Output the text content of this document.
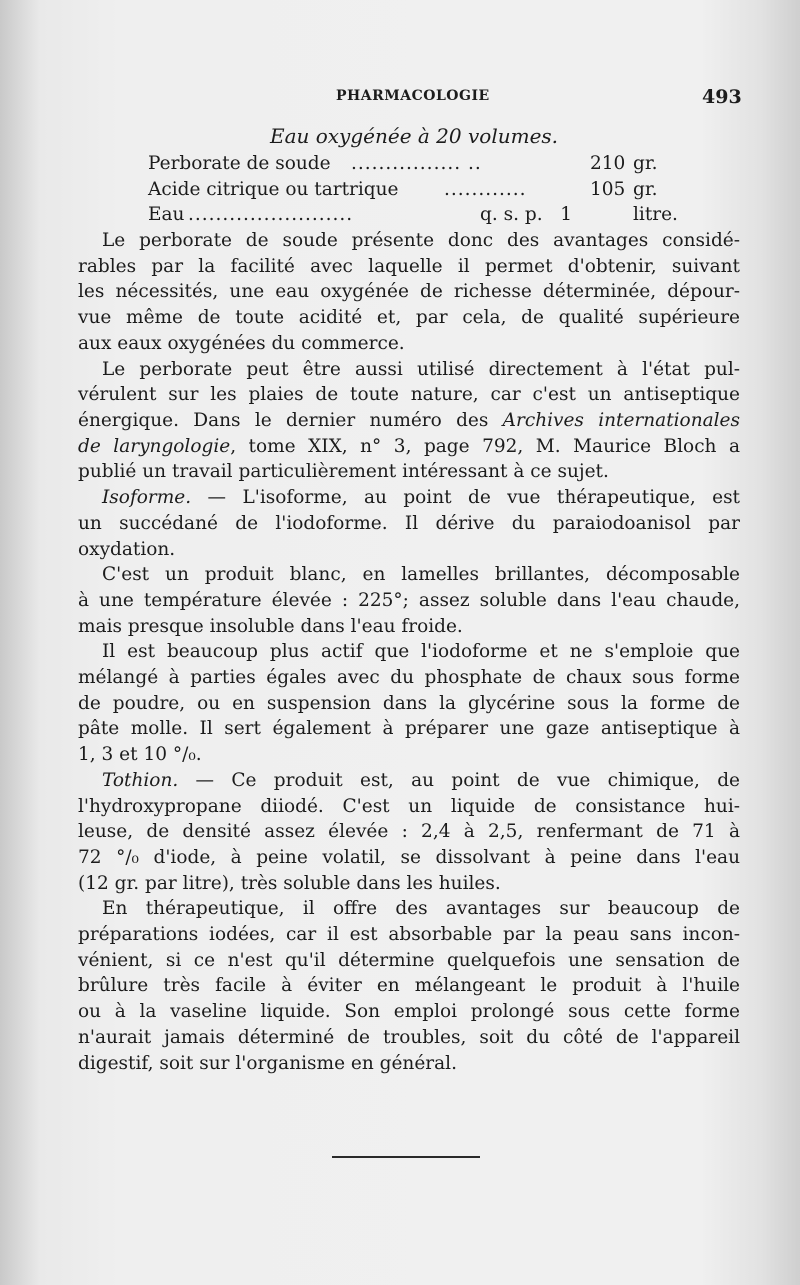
PHARMACOLOGIE	493
Eau oxygénée à 20 volumes.
Perborate de soude ................ ..	210 gr.
Acide citrique ou tartrique ............	105 gr.
Eau ........................	q. s. p.   1	litre.
Le perborate de soude présente donc des avantages considé-
rables par la facilité avec laquelle il permet d'obtenir, suivant
les nécessités, une eau oxygénée de richesse déterminée, dépour-
vue même de toute acidité et, par cela, de qualité supérieure
aux eaux oxygénées du commerce.
Le perborate peut être aussi utilisé directement à l'état pul-
vérulent sur les plaies de toute nature, car c'est un antiseptique
énergique. Dans le dernier numéro des Archives internationales
de laryngologie, tome XIX, n° 3, page 792, M. Maurice Bloch a
publié un travail particulièrement intéressant à ce sujet.
Isoforme. — L'isoforme, au point de vue thérapeutique, est
un succédané de l'iodoforme. Il dérive du paraiodoanisol par
oxydation.
C'est un produit blanc, en lamelles brillantes, décomposable
à une température élevée : 225°; assez soluble dans l'eau chaude,
mais presque insoluble dans l'eau froide.
Il est beaucoup plus actif que l'iodoforme et ne s'emploie que
mélangé à parties égales avec du phosphate de chaux sous forme
de poudre, ou en suspension dans la glycérine sous la forme de
pâte molle. Il sert également à préparer une gaze antiseptique à
1, 3 et 10 °/₀.
Tothion. — Ce produit est, au point de vue chimique, de
l'hydroxypropane diiodé. C'est un liquide de consistance hui-
leuse, de densité assez élevée : 2,4 à 2,5, renfermant de 71 à
72 °/₀ d'iode, à peine volatil, se dissolvant à peine dans l'eau
(12 gr. par litre), très soluble dans les huiles.
En thérapeutique, il offre des avantages sur beaucoup de
préparations iodées, car il est absorbable par la peau sans incon-
vénient, si ce n'est qu'il détermine quelquefois une sensation de
brûlure très facile à éviter en mélangeant le produit à l'huile
ou à la vaseline liquide. Son emploi prolongé sous cette forme
n'aurait jamais déterminé de troubles, soit du côté de l'appareil
digestif, soit sur l'organisme en général.
